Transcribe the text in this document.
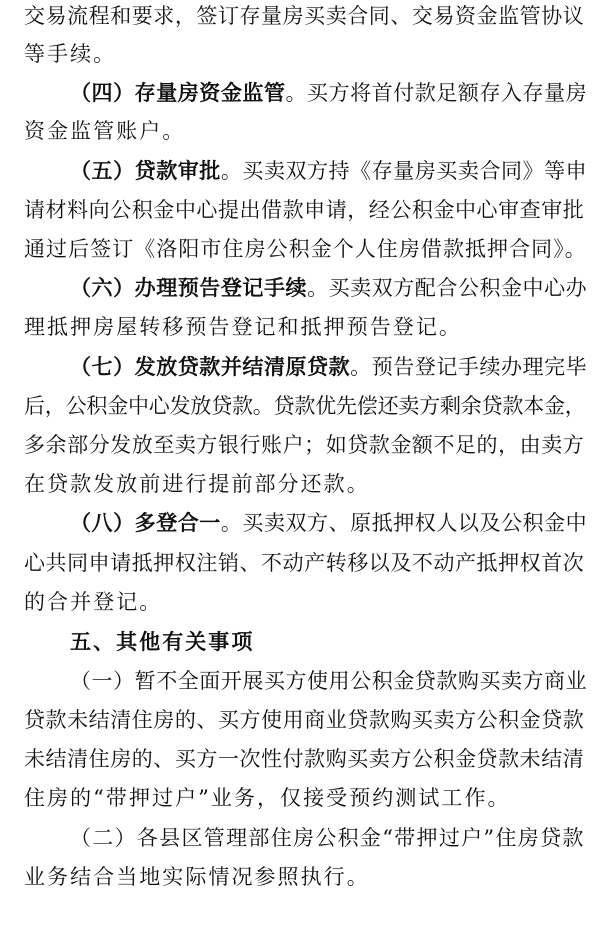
交易流程和要求，签订存量房买卖合同、交易资金监管协议
等手续。
（四）存量房资金监管。买方将首付款足额存入存量房
资金监管账户。
（五）贷款审批。买卖双方持《存量房买卖合同》等申
请材料向公积金中心提出借款申请，经公积金中心审查审批
通过后签订《洛阳市住房公积金个人住房借款抵押合同》。
（六）办理预告登记手续。买卖双方配合公积金中心办
理抵押房屋转移预告登记和抵押预告登记。
（七）发放贷款并结清原贷款。预告登记手续办理完毕
后，公积金中心发放贷款。贷款优先偿还卖方剩余贷款本金，
多余部分发放至卖方银行账户；如贷款金额不足的，由卖方
在贷款发放前进行提前部分还款。
（八）多登合一。买卖双方、原抵押权人以及公积金中
心共同申请抵押权注销、不动产转移以及不动产抵押权首次
的合并登记。
五、其他有关事项
（一）暂不全面开展买方使用公积金贷款购买卖方商业
贷款未结清住房的、买方使用商业贷款购买卖方公积金贷款
未结清住房的、买方一次性付款购买卖方公积金贷款未结清
住房的“带押过户”业务，仅接受预约测试工作。
（二）各县区管理部住房公积金“带押过户”住房贷款
业务结合当地实际情况参照执行。
